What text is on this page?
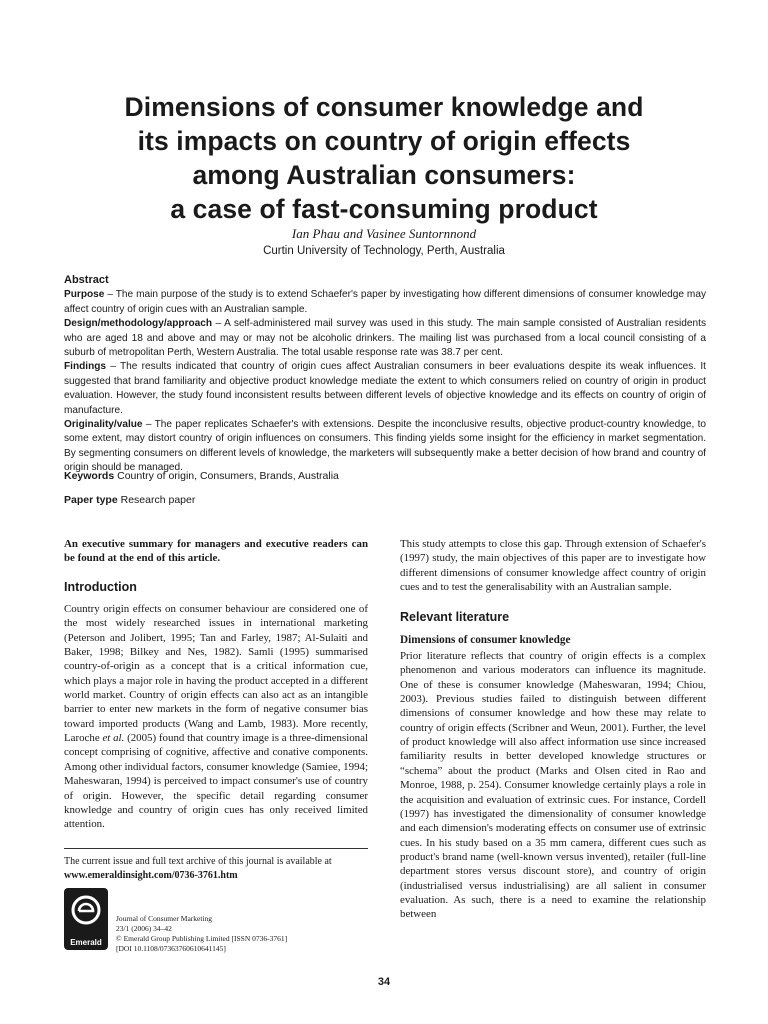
Dimensions of consumer knowledge and
its impacts on country of origin effects
among Australian consumers:
a case of fast-consuming product
Ian Phau and Vasinee Suntornnond
Curtin University of Technology, Perth, Australia
Abstract

Purpose – The main purpose of the study is to extend Schaefer's paper by investigating how different dimensions of consumer knowledge may affect country of origin cues with an Australian sample.

Design/methodology/approach – A self-administered mail survey was used in this study. The main sample consisted of Australian residents who are aged 18 and above and may or may not be alcoholic drinkers. The mailing list was purchased from a local council consisting of a suburb of metropolitan Perth, Western Australia. The total usable response rate was 38.7 per cent.

Findings – The results indicated that country of origin cues affect Australian consumers in beer evaluations despite its weak influences. It suggested that brand familiarity and objective product knowledge mediate the extent to which consumers relied on country of origin in product evaluation. However, the study found inconsistent results between different levels of objective knowledge and its effects on country of origin of manufacture.

Originality/value – The paper replicates Schaefer's with extensions. Despite the inconclusive results, objective product-country knowledge, to some extent, may distort country of origin influences on consumers. This finding yields some insight for the efficiency in market segmentation. By segmenting consumers on different levels of knowledge, the marketers will subsequently make a better decision of how brand and country of origin should be managed.

Keywords Country of origin, Consumers, Brands, Australia
Paper type Research paper

An executive summary for managers and executive readers can be found at the end of this article.

Introduction

Country origin effects on consumer behaviour are considered one of the most widely researched issues in international marketing (Peterson and Jolibert, 1995; Tan and Farley, 1987; Al-Sulaiti and Baker, 1998; Bilkey and Nes, 1982). Samli (1995) summarised country-of-origin as a concept that is a critical information cue, which plays a major role in having the product accepted in a different world market. Country of origin effects can also act as an intangible barrier to enter new markets in the form of negative consumer bias toward imported products (Wang and Lamb, 1983). More recently, Laroche et al. (2005) found that country image is a three-dimensional concept comprising of cognitive, affective and conative components. Among other individual factors, consumer knowledge (Samiee, 1994; Maheswaran, 1994) is perceived to impact consumer's use of country of origin. However, the specific detail regarding consumer knowledge and country of origin cues has only received limited attention.

This study attempts to close this gap. Through extension of Schaefer's (1997) study, the main objectives of this paper are to investigate how different dimensions of consumer knowledge affect country of origin cues and to test the generalisability with an Australian sample.

Relevant literature
Dimensions of consumer knowledge

Prior literature reflects that country of origin effects is a complex phenomenon and various moderators can influence its magnitude. One of these is consumer knowledge (Maheswaran, 1994; Chiou, 2003). Previous studies failed to distinguish between different dimensions of consumer knowledge and how these may relate to country of origin effects (Scribner and Weun, 2001). Further, the level of product knowledge will also affect information use since increased familiarity results in better developed knowledge structures or “schema” about the product (Marks and Olsen cited in Rao and Monroe, 1988, p. 254). Consumer knowledge certainly plays a role in the acquisition and evaluation of extrinsic cues. For instance, Cordell (1997) has investigated the dimensionality of consumer knowledge and each dimension's moderating effects on consumer use of extrinsic cues. In his study based on a 35 mm camera, different cues such as product's brand name (well-known versus invented), retailer (full-line department stores versus discount store), and country of origin (industrialised versus industrialising) are all salient in consumer evaluation. As such, there is a need to examine the relationship between

The current issue and full text archive of this journal is available at
www.emeraldinsight.com/0736-3761.htm
Emerald
Journal of Consumer Marketing
23/1 (2006) 34–42
© Emerald Group Publishing Limited [ISSN 0736-3761]
[DOI 10.1108/07363760610641145]
34
